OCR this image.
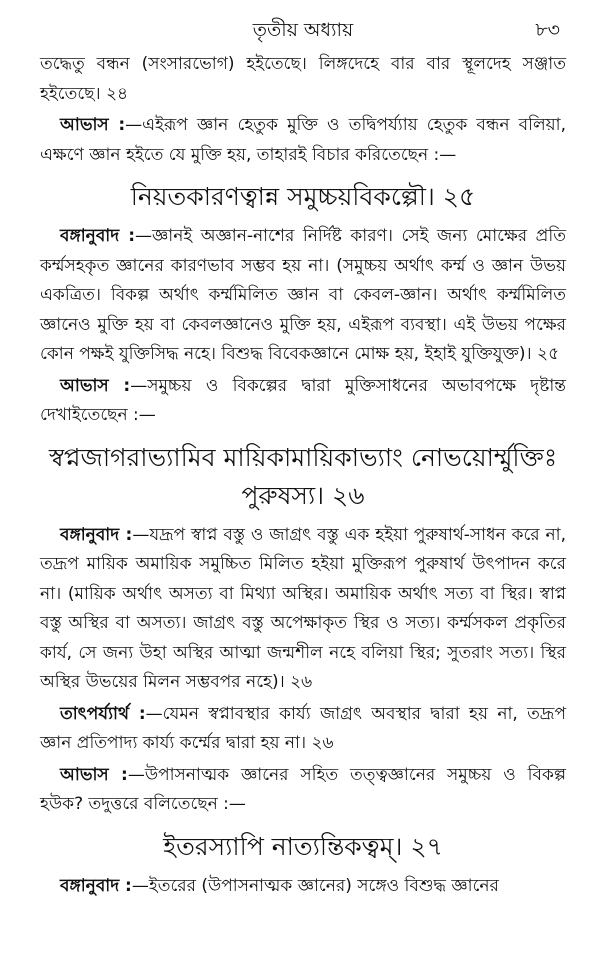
তৃতীয় অধ্যায়	৮৩

তদ্ধেতু বন্ধন (সংসারভোগ) হইতেছে। লিঙ্গদেহে বার বার স্থূলদেহ সঞ্জাত হইতেছে। ২৪

আভাস :—এইরূপ জ্ঞান হেতুক মুক্তি ও তদ্বিপর্য্যায় হেতুক বন্ধন বলিয়া, এক্ষণে জ্ঞান হইতে যে মুক্তি হয়, তাহারই বিচার করিতেছেন :—

নিয়তকারণত্বান্ন সমুচ্চয়বিকল্পৌ। ২৫

বঙ্গানুবাদ :—জ্ঞানই অজ্ঞান-নাশের নির্দিষ্ট কারণ। সেই জন্য মোক্ষের প্রতি কর্ম্মসহকৃত জ্ঞানের কারণভাব সম্ভব হয় না। (সমুচ্চয় অর্থাৎ কর্ম্ম ও জ্ঞান উভয় একত্রিত। বিকল্প অর্থাৎ কর্ম্মমিলিত জ্ঞান বা কেবল-জ্ঞান। অর্থাৎ কর্ম্মমিলিত জ্ঞানেও মুক্তি হয় বা কেবলজ্ঞানেও মুক্তি হয়, এইরূপ ব্যবস্থা। এই উভয় পক্ষের কোন পক্ষই যুক্তিসিদ্ধ নহে। বিশুদ্ধ বিবেকজ্ঞানে মোক্ষ হয়, ইহাই যুক্তিযুক্ত)। ২৫

আভাস :—সমুচ্চয় ও বিকল্পের দ্বারা মুক্তিসাধনের অভাবপক্ষে দৃষ্টান্ত দেখাইতেছেন :—

স্বপ্নজাগরাভ্যামিব মায়িকামায়িকাভ্যাং নোভয়োর্ম্মুক্তিঃ
পুরুষস্য। ২৬

বঙ্গানুবাদ :—যদ্রূপ স্বাপ্ন বস্তু ও জাগ্রৎ বস্তু এক হইয়া পুরুষার্থ-সাধন করে না, তদ্রূপ মায়িক অমায়িক সমুচ্চিত মিলিত হইয়া মুক্তিরূপ পুরুষার্থ উৎপাদন করে না। (মায়িক অর্থাৎ অসত্য বা মিথ্যা অস্থির। অমায়িক অর্থাৎ সত্য বা স্থির। স্বাপ্ন বস্তু অস্থির বা অসত্য। জাগ্রৎ বস্তু অপেক্ষাকৃত স্থির ও সত্য। কর্ম্মসকল প্রকৃতির কার্য, সে জন্য উহা অস্থির আত্মা জন্মশীল নহে বলিয়া স্থির; সুতরাং সত্য। স্থির অস্থির উভয়ের মিলন সম্ভবপর নহে)। ২৬

তাৎপর্য্যার্থ :—যেমন স্বপ্নাবস্থার কার্য্য জাগ্রৎ অবস্থার দ্বারা হয় না, তদ্রূপ জ্ঞান প্রতিপাদ্য কার্য্য কর্ম্মের দ্বারা হয় না। ২৬

আভাস :—উপাসনাত্মক জ্ঞানের সহিত তত্ত্বজ্ঞানের সমুচ্চয় ও বিকল্প হউক? তদুত্তরে বলিতেছেন :—

ইতরস্যাপি নাত্যন্তিকত্বম্। ২৭

বঙ্গানুবাদ :—ইতরের (উপাসনাত্মক জ্ঞানের) সঙ্গেও বিশুদ্ধ জ্ঞানের
